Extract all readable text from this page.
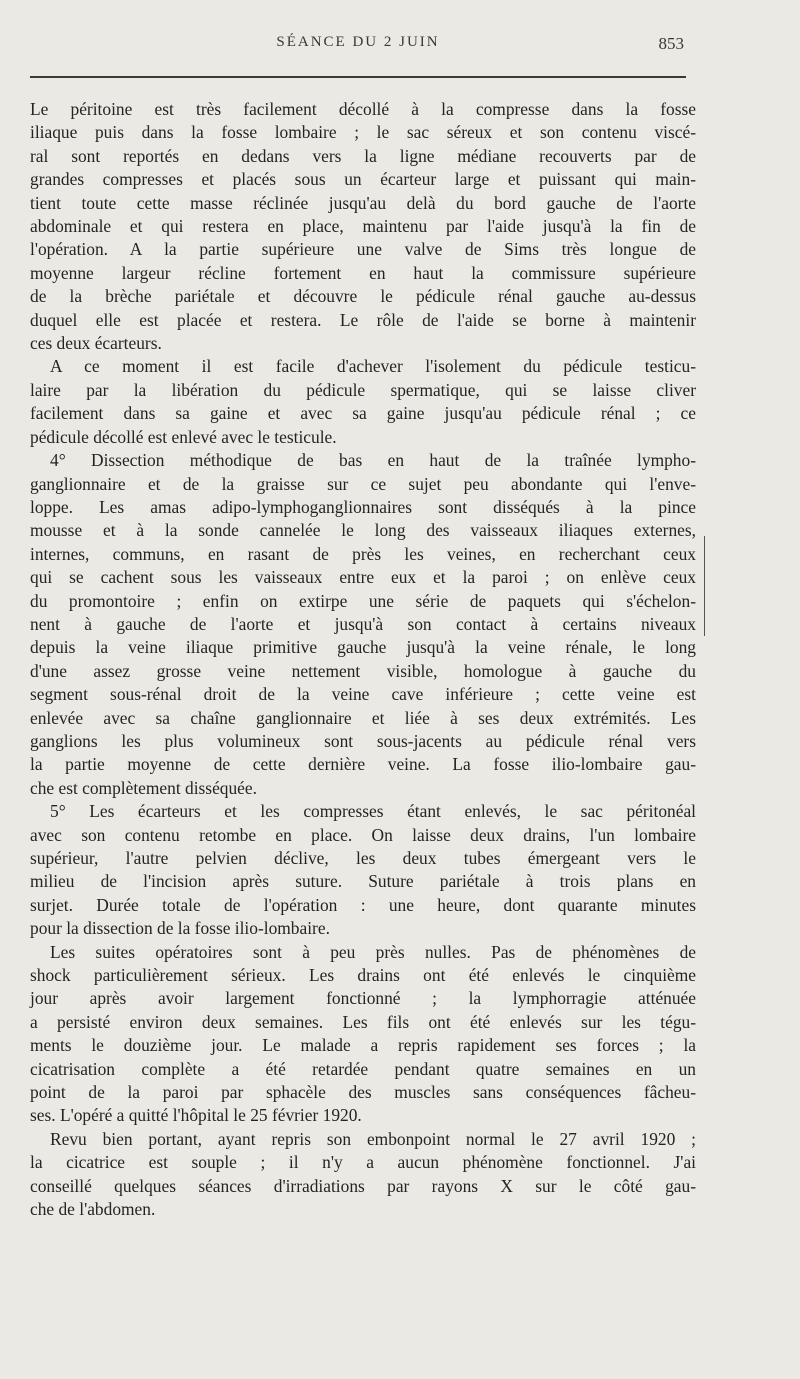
SÉANCE DU 2 JUIN	853
Le péritoine est très facilement décollé à la compresse dans la fosse
iliaque puis dans la fosse lombaire ; le sac séreux et son contenu viscé-
ral sont reportés en dedans vers la ligne médiane recouverts par de
grandes compresses et placés sous un écarteur large et puissant qui main-
tient toute cette masse réclinée jusqu'au delà du bord gauche de l'aorte
abdominale et qui restera en place, maintenu par l'aide jusqu'à la fin de
l'opération. A la partie supérieure une valve de Sims très longue de
moyenne largeur récline fortement en haut la commissure supérieure
de la brèche pariétale et découvre le pédicule rénal gauche au-dessus
duquel elle est placée et restera. Le rôle de l'aide se borne à maintenir
ces deux écarteurs.
A ce moment il est facile d'achever l'isolement du pédicule testicu-
laire par la libération du pédicule spermatique, qui se laisse cliver
facilement dans sa gaine et avec sa gaine jusqu'au pédicule rénal ; ce
pédicule décollé est enlevé avec le testicule.
4° Dissection méthodique de bas en haut de la traînée lympho-
ganglionnaire et de la graisse sur ce sujet peu abondante qui l'enve-
loppe. Les amas adipo-lymphoganglionnaires sont disséqués à la pince
mousse et à la sonde cannelée le long des vaisseaux iliaques externes,
internes, communs, en rasant de près les veines, en recherchant ceux
qui se cachent sous les vaisseaux entre eux et la paroi ; on enlève ceux
du promontoire ; enfin on extirpe une série de paquets qui s'échelon-
nent à gauche de l'aorte et jusqu'à son contact à certains niveaux
depuis la veine iliaque primitive gauche jusqu'à la veine rénale, le long
d'une assez grosse veine nettement visible, homologue à gauche du
segment sous-rénal droit de la veine cave inférieure ; cette veine est
enlevée avec sa chaîne ganglionnaire et liée à ses deux extrémités. Les
ganglions les plus volumineux sont sous-jacents au pédicule rénal vers
la partie moyenne de cette dernière veine. La fosse ilio-lombaire gau-
che est complètement disséquée.
5° Les écarteurs et les compresses étant enlevés, le sac péritonéal
avec son contenu retombe en place. On laisse deux drains, l'un lombaire
supérieur, l'autre pelvien déclive, les deux tubes émergeant vers le
milieu de l'incision après suture. Suture pariétale à trois plans en
surjet. Durée totale de l'opération : une heure, dont quarante minutes
pour la dissection de la fosse ilio-lombaire.
Les suites opératoires sont à peu près nulles. Pas de phénomènes de
shock particulièrement sérieux. Les drains ont été enlevés le cinquième
jour après avoir largement fonctionné ; la lymphorragie atténuée
a persisté environ deux semaines. Les fils ont été enlevés sur les tégu-
ments le douzième jour. Le malade a repris rapidement ses forces ; la
cicatrisation complète a été retardée pendant quatre semaines en un
point de la paroi par sphacèle des muscles sans conséquences fâcheu-
ses. L'opéré a quitté l'hôpital le 25 février 1920.
Revu bien portant, ayant repris son embonpoint normal le 27 avril 1920 ;
la cicatrice est souple ; il n'y a aucun phénomène fonctionnel. J'ai
conseillé quelques séances d'irradiations par rayons X sur le côté gau-
che de l'abdomen.
